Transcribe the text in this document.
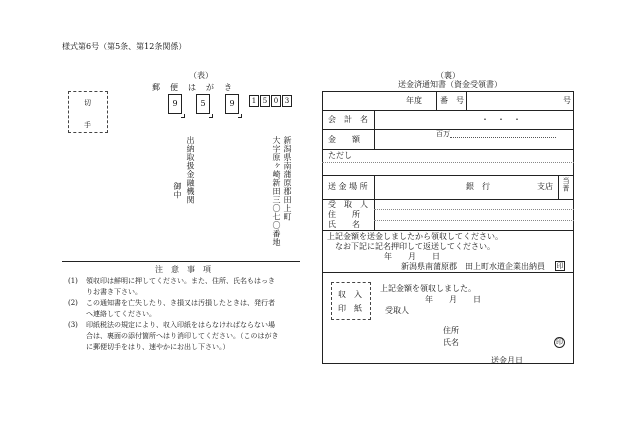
様式第6号（第5条、第12条関係）
（表）
郵　便　は　が　き
切
手
9	5	9	1 5 0 3
新潟県南蒲原郡田上町
大字原ヶ崎新田三〇七〇番地
出納取扱金融機関
御中
注　意　事　項
(1) 領収印は鮮明に押してください。また、住所、氏名もはっき
りお書き下さい。
(2) この通知書を亡失したり、き損又は汚損したときは、発行者
へ連絡してください。
(3) 印紙税法の規定により、収入印紙をはらなければならない場
合は、裏面の添付箇所へはり消印してください。（このはがき
に郵便切手をはり、速やかにお出し下さい。）
（裏）
送金済通知書（資金受領書）
年度 番　号	号
会　計　名	・　・　・
金　　額
百万
ただし
送 金 場 所	銀　行	支店 当普
受　取　人
住　　所
氏　　名
上記金額を送金しましたから領収してください。
なお下記に記名押印して返送してください。
年　　月　　日
新潟県南蒲原郡　田上町水道企業出納員 印
収　入
印　紙
上記金額を領収しました。
年　　月　　日
受取人
住所
氏名	印
送金月日
